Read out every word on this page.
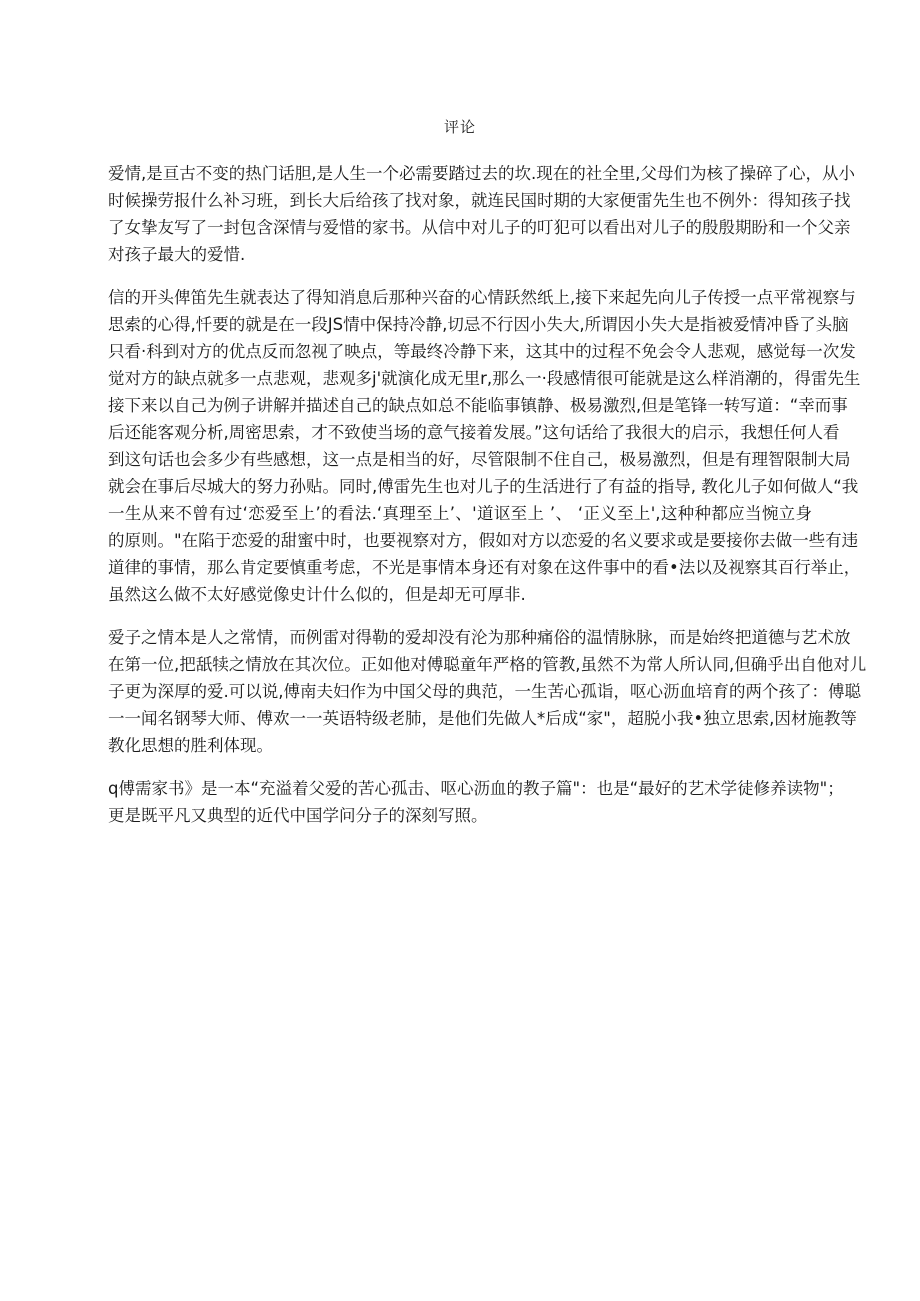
评论

爱情,是亘古不变的热门话胆,是人生一个必需要踏过去的坎.现在的社全里,父母们为核了操碎了心，从小
时候操劳报什么补习班，到长大后给孩了找对象，就连民国时期的大家便雷先生也不例外：得知孩子找
了女挚友写了一封包含深情与爱惜的家书。从信中对儿子的叮犯可以看出对儿子的殷殷期盼和一个父亲
对孩子最大的爱惜.

信的开头俾笛先生就表达了得知消息后那种兴奋的心情跃然纸上,接下来起先向儿子传授一点平常视察与
思索的心得,忏要的就是在一段JS情中保持冷静,切忌不行因小失大,所谓因小失大是指被爱情冲昏了头脑
只看·科到对方的优点反而忽视了映点，等最终冷静下来，这其中的过程不免会令人悲观，感觉每一次发
觉对方的缺点就多一点悲观，悲观多j'就演化成无里r,那么一·段感情很可能就是这么样消潮的，得雷先生
接下来以自己为例子讲解并描述自己的缺点如总不能临事镇静、极易激烈,但是笔锋一转写道：“幸而事
后还能客观分析,周密思索，才不致使当场的意气接着发展。”这句话给了我很大的启示，我想任何人看
到这句话也会多少有些感想，这一点是相当的好，尽管限制不住自己，极易激烈，但是有理智限制大局
就会在事后尽城大的努力孙贴。同时,傅雷先生也对儿子的生活进行了有益的指导, 教化儿子如何做人“我
一生从来不曾有过‘恋爱至上’的看法.‘真理至上’、'道讴至上 ’、 ‘正义至上',这种种都应当惋立身
的原则。"在陷于恋爱的甜蜜中时，也要视察对方，假如对方以恋爱的名义要求或是要接你去做一些有违
道律的事情，那么肯定要慎重考虑，不光是事情本身还有对象在这件事中的看•法以及视察其百行举止，
虽然这么做不太好感觉像史计什么似的，但是却无可厚非.

爱子之情本是人之常情，而例雷对得勒的爱却没有沦为那种痛俗的温情脉脉，而是始终把道德与艺术放
在第一位,把舐犊之情放在其次位。正如他对傅聪童年严格的管教,虽然不为常人所认同,但确乎出自他对儿
子更为深厚的爱.可以说,傅南夫妇作为中国父母的典范，一生苦心孤诣，呕心沥血培育的两个孩了：傅聪
一一闻名钢琴大师、傅欢一一英语特级老肺，是他们先做人*后成“家"，超脱小我•独立思索,因材施教等
教化思想的胜利体现。

q傅需家书》是一本“充溢着父爱的苦心孤击、呕心沥血的教子篇"：也是“最好的艺术学徒修养读物"；
更是既平凡又典型的近代中国学问分子的深刻写照。
